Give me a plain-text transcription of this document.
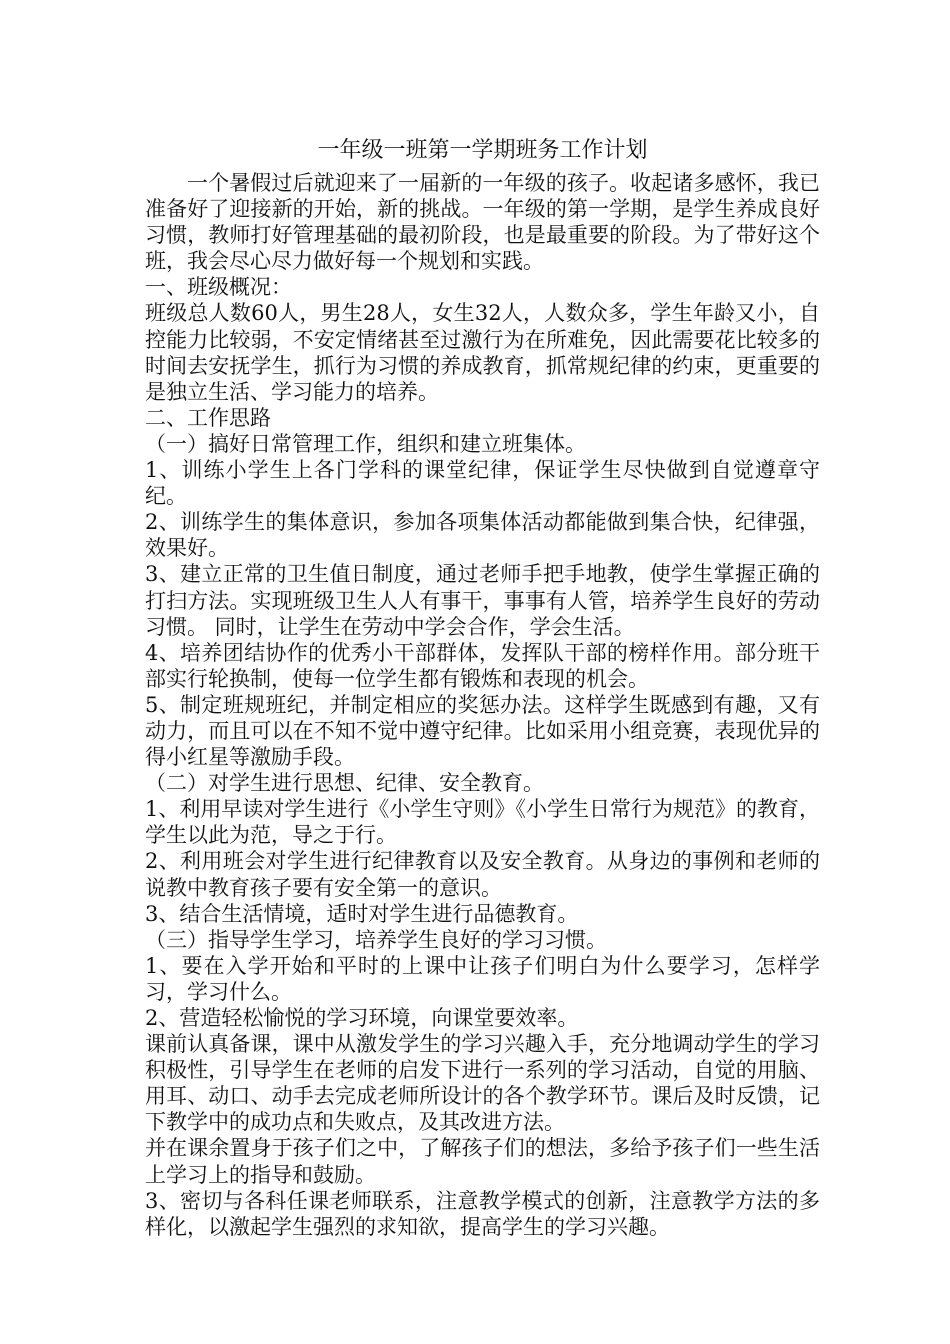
一年级一班第一学期班务工作计划

一个暑假过后就迎来了一届新的一年级的孩子。收起诸多感怀，我已准备好了迎接新的开始，新的挑战。一年级的第一学期，是学生养成良好习惯，教师打好管理基础的最初阶段，也是最重要的阶段。为了带好这个班，我会尽心尽力做好每一个规划和实践。

一、班级概况：

班级总人数60人，男生28人，女生32人，人数众多，学生年龄又小，自控能力比较弱，不安定情绪甚至过激行为在所难免，因此需要花比较多的时间去安抚学生，抓行为习惯的养成教育，抓常规纪律的约束，更重要的是独立生活、学习能力的培养。

二、工作思路

（一）搞好日常管理工作，组织和建立班集体。

1、训练小学生上各门学科的课堂纪律，保证学生尽快做到自觉遵章守纪。

2、训练学生的集体意识，参加各项集体活动都能做到集合快，纪律强，效果好。

3、建立正常的卫生值日制度，通过老师手把手地教，使学生掌握正确的打扫方法。实现班级卫生人人有事干，事事有人管，培养学生良好的劳动习惯。 同时，让学生在劳动中学会合作，学会生活。

4、培养团结协作的优秀小干部群体，发挥队干部的榜样作用。部分班干部实行轮换制，使每一位学生都有锻炼和表现的机会。

5、制定班规班纪，并制定相应的奖惩办法。这样学生既感到有趣，又有动力，而且可以在不知不觉中遵守纪律。比如采用小组竞赛，表现优异的得小红星等激励手段。

（二）对学生进行思想、纪律、安全教育。

1、利用早读对学生进行《小学生守则》《小学生日常行为规范》的教育，学生以此为范，导之于行。

2、利用班会对学生进行纪律教育以及安全教育。从身边的事例和老师的说教中教育孩子要有安全第一的意识。

3、结合生活情境，适时对学生进行品德教育。

（三）指导学生学习，培养学生良好的学习习惯。

1、要在入学开始和平时的上课中让孩子们明白为什么要学习，怎样学习，学习什么。

2、营造轻松愉悦的学习环境，向课堂要效率。

课前认真备课，课中从激发学生的学习兴趣入手，充分地调动学生的学习积极性，引导学生在老师的启发下进行一系列的学习活动，自觉的用脑、用耳、动口、动手去完成老师所设计的各个教学环节。课后及时反馈，记下教学中的成功点和失败点，及其改进方法。

并在课余置身于孩子们之中，了解孩子们的想法，多给予孩子们一些生活上学习上的指导和鼓励。

3、密切与各科任课老师联系，注意教学模式的创新，注意教学方法的多样化，以激起学生强烈的求知欲，提高学生的学习兴趣。
